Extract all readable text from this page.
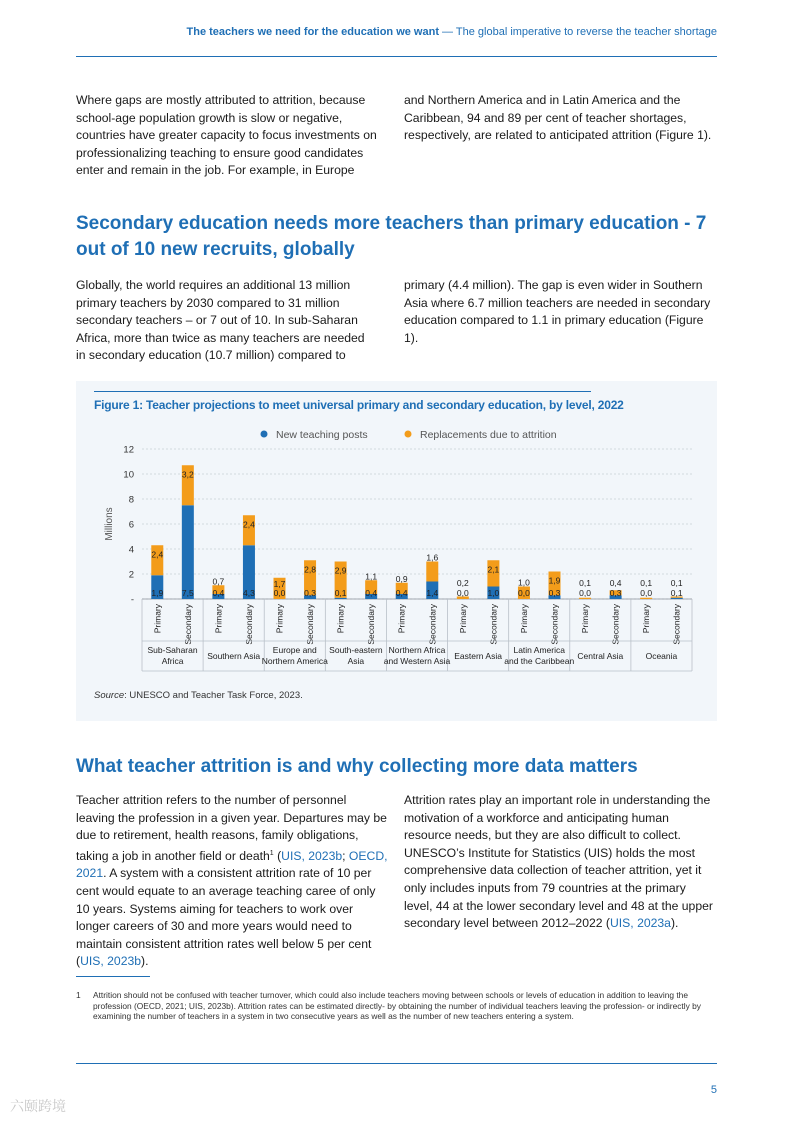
The teachers we need for the education we want — The global imperative to reverse the teacher shortage
Where gaps are mostly attributed to attrition, because school-age population growth is slow or negative, countries have greater capacity to focus investments on professionalizing teaching to ensure good candidates enter and remain in the job. For example, in Europe
and Northern America and in Latin America and the Caribbean, 94 and 89 per cent of teacher shortages, respectively, are related to anticipated attrition (Figure 1).
Secondary education needs more teachers than primary education - 7 out of 10 new recruits, globally
Globally, the world requires an additional 13 million primary teachers by 2030 compared to 31 million secondary teachers – or 7 out of 10. In sub-Saharan Africa, more than twice as many teachers are needed in secondary education (10.7 million) compared to
primary (4.4 million). The gap is even wider in Southern Asia where 6.7 million teachers are needed in secondary education compared to 1.1 in primary education (Figure 1).
Figure 1: Teacher projections to meet universal primary and secondary education, by level, 2022
-
2
4
6
8
10
12
Millions
New teaching posts	Replacements due to attrition
1,9
2,4
Primary
7,5
3,2
Secondary
0,4
0,7
Primary
4,3
2,4
Secondary
0,0
1,7
Primary
0,3
2,8
Secondary
0,1
2,9
Primary
0,4
1,1
Secondary
0,4
0,9
Primary
1,4
1,6
Secondary
0,0
0,2
Primary
1,0
2,1
Secondary
0,0
1,0
Primary
0,3
1,9
Secondary
0,0
0,1
Primary
0,3
0,4
Secondary
0,0
0,1
Primary
0,1
0,1
Secondary
Sub-Saharan
Africa	Southern Asia
Europe and
Northern America
South-eastern
Asia
Northern Africa
and Western Asia Eastern Asia
Latin America
and the Caribbean Central Asia	Oceania
Source: UNESCO and Teacher Task Force, 2023.
What teacher attrition is and why collecting more data matters
Teacher attrition refers to the number of personnel leaving the profession in a given year. Departures may be due to retirement, health reasons, family obligations, taking a job in another field or death$^1$ (UIS, 2023b; OECD, 2021. A system with a consistent attrition rate of 10 per cent would equate to an average teaching caree of only 10 years. Systems aiming for teachers to work over longer careers of 30 and more years would need to maintain consistent attrition rates well below 5 per cent (UIS, 2023b).
Attrition rates play an important role in understanding the motivation of a workforce and anticipating human resource needs, but they are also difficult to collect. UNESCO’s Institute for Statistics (UIS) holds the most comprehensive data collection of teacher attrition, yet it only includes inputs from 79 countries at the primary level, 44 at the lower secondary level and 48 at the upper secondary level between 2012–2022 (UIS, 2023a).
1 Attrition should not be confused with teacher turnover, which could also include teachers moving between schools or levels of education in addition to leaving the profession (OECD, 2021; UIS, 2023b). Attrition rates can be estimated directly- by obtaining the number of individual teachers leaving the profession- or indirectly by examining the number of teachers in a system in two consecutive years as well as the number of new teachers entering a system.
5
六颐跨境
